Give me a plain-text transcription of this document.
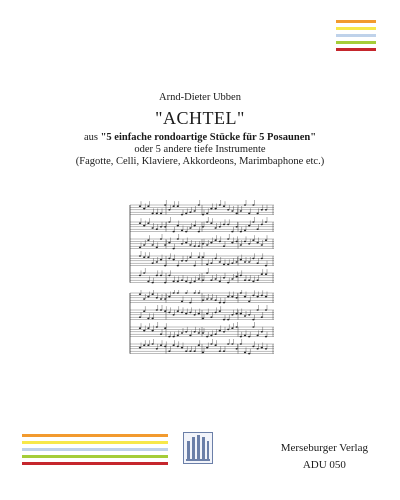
Arnd-Dieter Ubben
"ACHTEL"
aus "5 einfache rondoartige Stücke für 5 Posaunen"
oder 5 andere tiefe Instrumente
(Fagotte, Celli, Klaviere, Akkordeons, Marimbaphone etc.)
Merseburger Verlag
ADU 050
